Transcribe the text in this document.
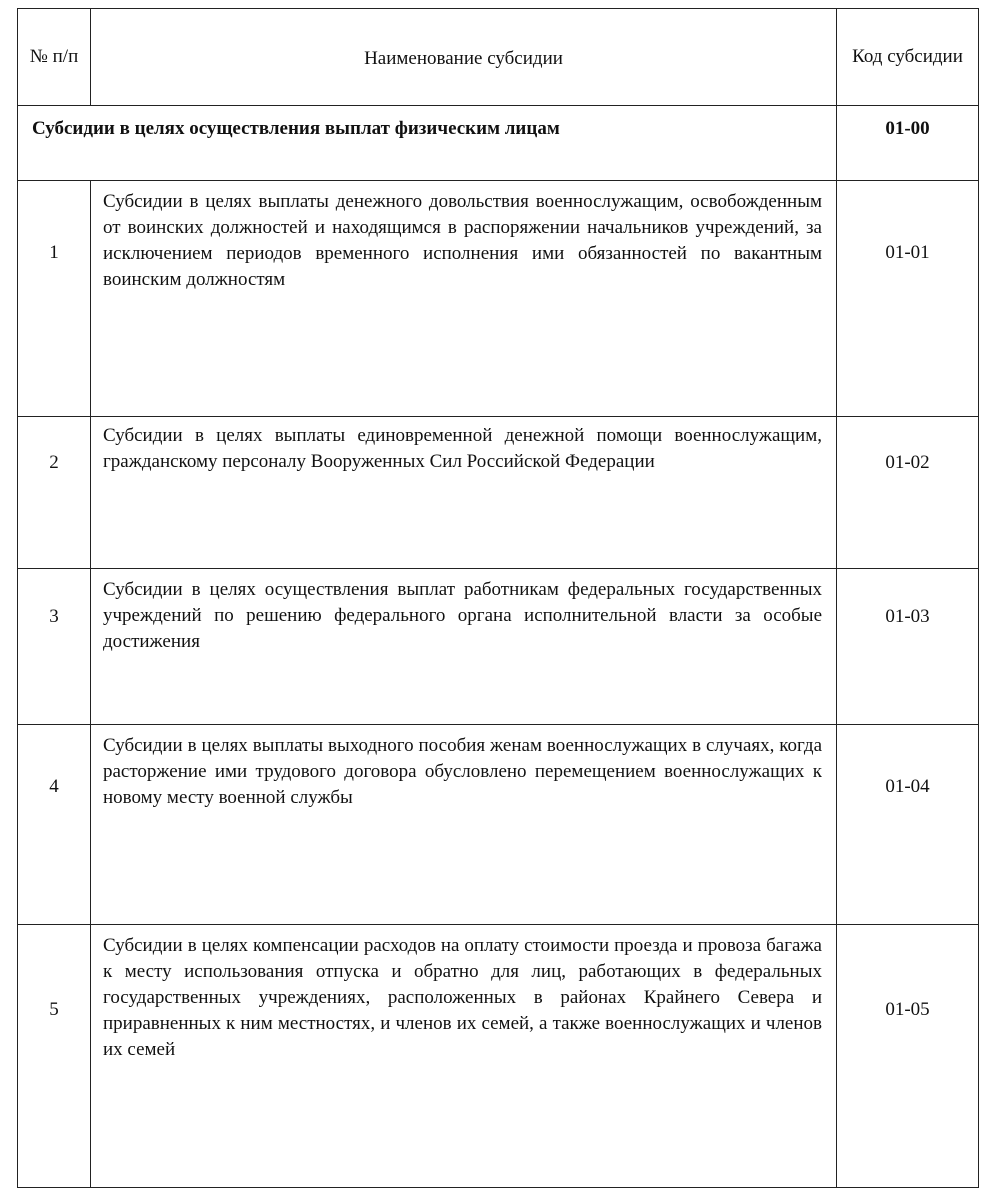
№ п/п	Наименование субсидии	Код субсидии
Субсидии в целях осуществления выплат физическим лицам		01-00
1	Субсидии в целях выплаты денежного довольствия военнослужащим, освобожденным от воинских должностей и находящимся в распоряжении начальников учреждений, за исключением периодов временного исполнения ими обязанностей по вакантным воинским должностям	01-01
2	Субсидии в целях выплаты единовременной денежной помощи военнослужащим, гражданскому персоналу Вооруженных Сил Российской Федерации	01-02
3	Субсидии в целях осуществления выплат работникам федеральных государственных учреждений по решению федерального органа исполнительной власти за особые достижения	01-03
4	Субсидии в целях выплаты выходного пособия женам военнослужащих в случаях, когда расторжение ими трудового договора обусловлено перемещением военнослужащих к новому месту военной службы	01-04
5	Субсидии в целях компенсации расходов на оплату стоимости проезда и провоза багажа к месту использования отпуска и обратно для лиц, работающих в федеральных государственных учреждениях, расположенных в районах Крайнего Севера и приравненных к ним местностях, и членов их семей, а также военнослужащих и членов их семей	01-05
